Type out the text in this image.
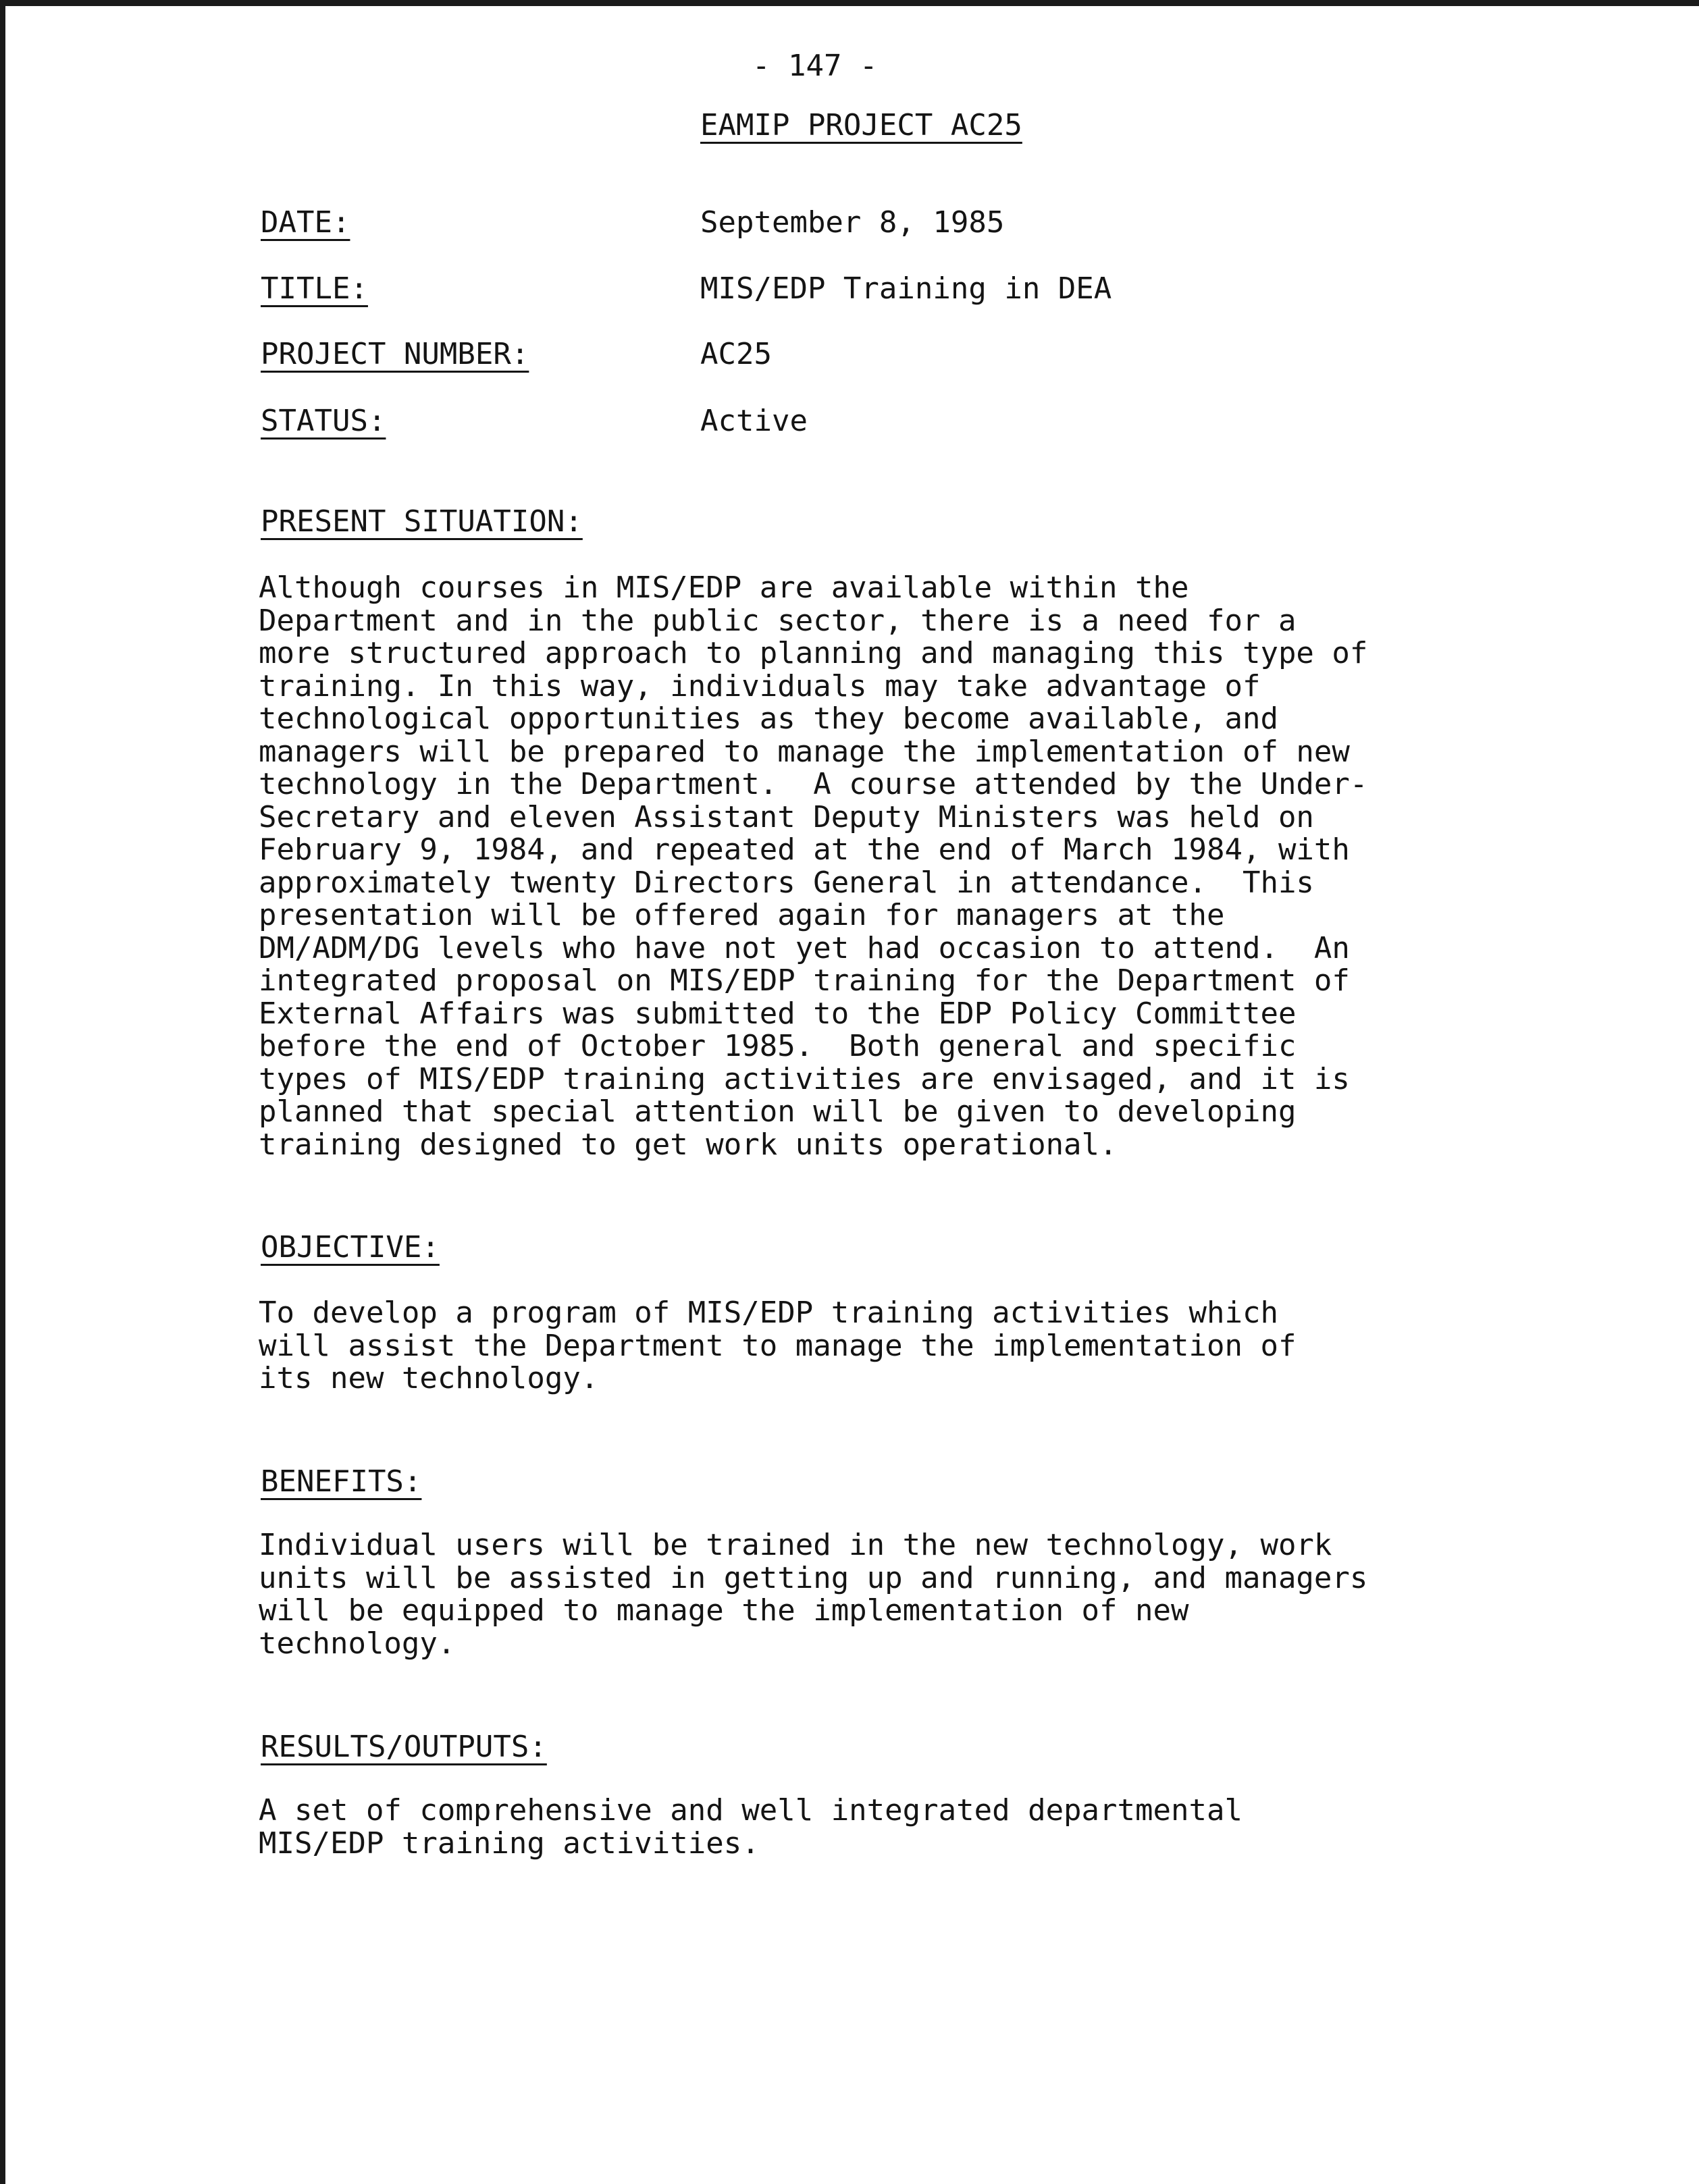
- 147 -
EAMIP PROJECT AC25
DATE:	September 8, 1985
TITLE:	MIS/EDP Training in DEA
PROJECT NUMBER:	AC25
STATUS:	Active
PRESENT SITUATION:
Although courses in MIS/EDP are available within the
Department and in the public sector, there is a need for a
more structured approach to planning and managing this type of
training. In this way, individuals may take advantage of
technological opportunities as they become available, and
managers will be prepared to manage the implementation of new
technology in the Department.  A course attended by the Under-
Secretary and eleven Assistant Deputy Ministers was held on
February 9, 1984, and repeated at the end of March 1984, with
approximately twenty Directors General in attendance.  This
presentation will be offered again for managers at the
DM/ADM/DG levels who have not yet had occasion to attend.  An
integrated proposal on MIS/EDP training for the Department of
External Affairs was submitted to the EDP Policy Committee
before the end of October 1985.  Both general and specific
types of MIS/EDP training activities are envisaged, and it is
planned that special attention will be given to developing
training designed to get work units operational.
OBJECTIVE:
To develop a program of MIS/EDP training activities which
will assist the Department to manage the implementation of
its new technology.
BENEFITS:
Individual users will be trained in the new technology, work
units will be assisted in getting up and running, and managers
will be equipped to manage the implementation of new
technology.
RESULTS/OUTPUTS:
A set of comprehensive and well integrated departmental
MIS/EDP training activities.
